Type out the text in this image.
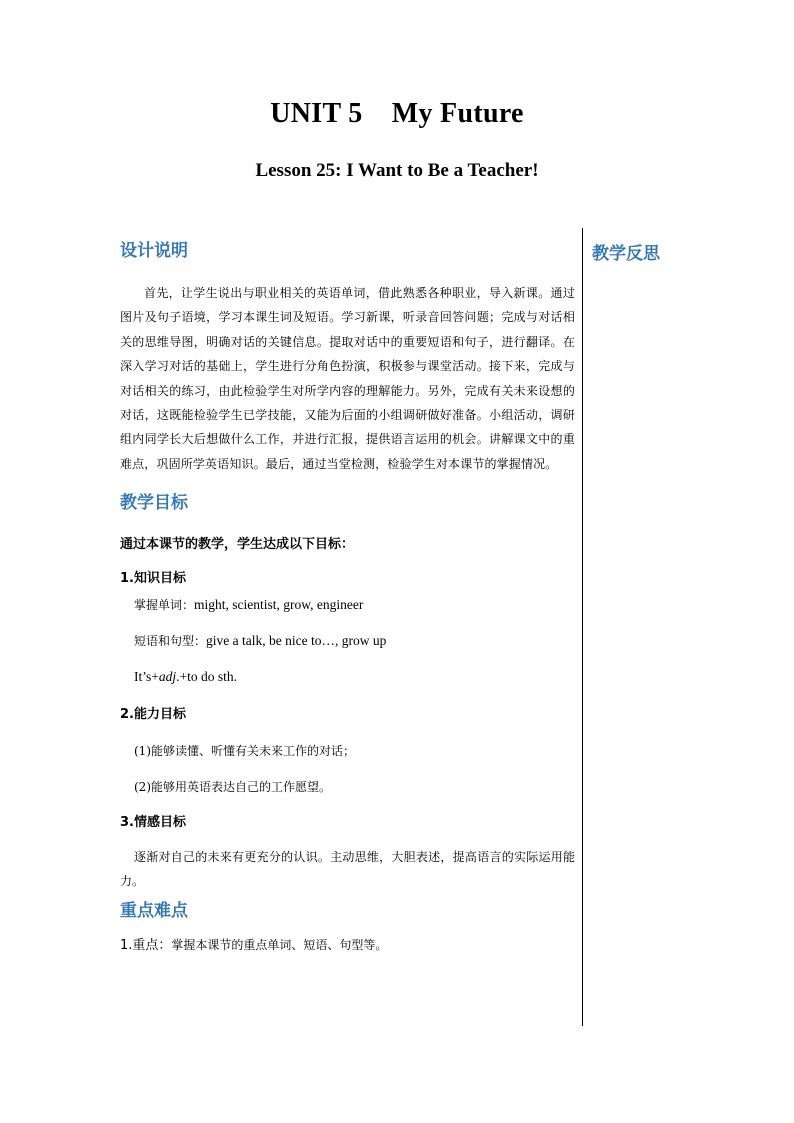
UNIT 5    My Future
Lesson 25: I Want to Be a Teacher!
教学反思
设计说明

首先，让学生说出与职业相关的英语单词，借此熟悉各种职业，导入新课。通过图片及句子语境，学习本课生词及短语。学习新课，听录音回答问题；完成与对话相关的思维导图，明确对话的关键信息。提取对话中的重要短语和句子，进行翻译。在深入学习对话的基础上，学生进行分角色扮演，积极参与课堂活动。接下来，完成与对话相关的练习，由此检验学生对所学内容的理解能力。另外，完成有关未来设想的对话，这既能检验学生已学技能，又能为后面的小组调研做好准备。小组活动，调研组内同学长大后想做什么工作，并进行汇报，提供语言运用的机会。讲解课文中的重难点，巩固所学英语知识。最后，通过当堂检测，检验学生对本课节的掌握情况。

教学目标

通过本课节的教学，学生达成以下目标：

1.知识目标

掌握单词：might, scientist, grow, engineer

短语和句型：give a talk, be nice to…, grow up

It’s+adj.+to do sth.

2.能力目标

(1)能够读懂、听懂有关未来工作的对话；

(2)能够用英语表达自己的工作愿望。

3.情感目标

逐渐对自己的未来有更充分的认识。主动思维，大胆表述，提高语言的实际运用能力。

重点难点

1.重点：掌握本课节的重点单词、短语、句型等。
